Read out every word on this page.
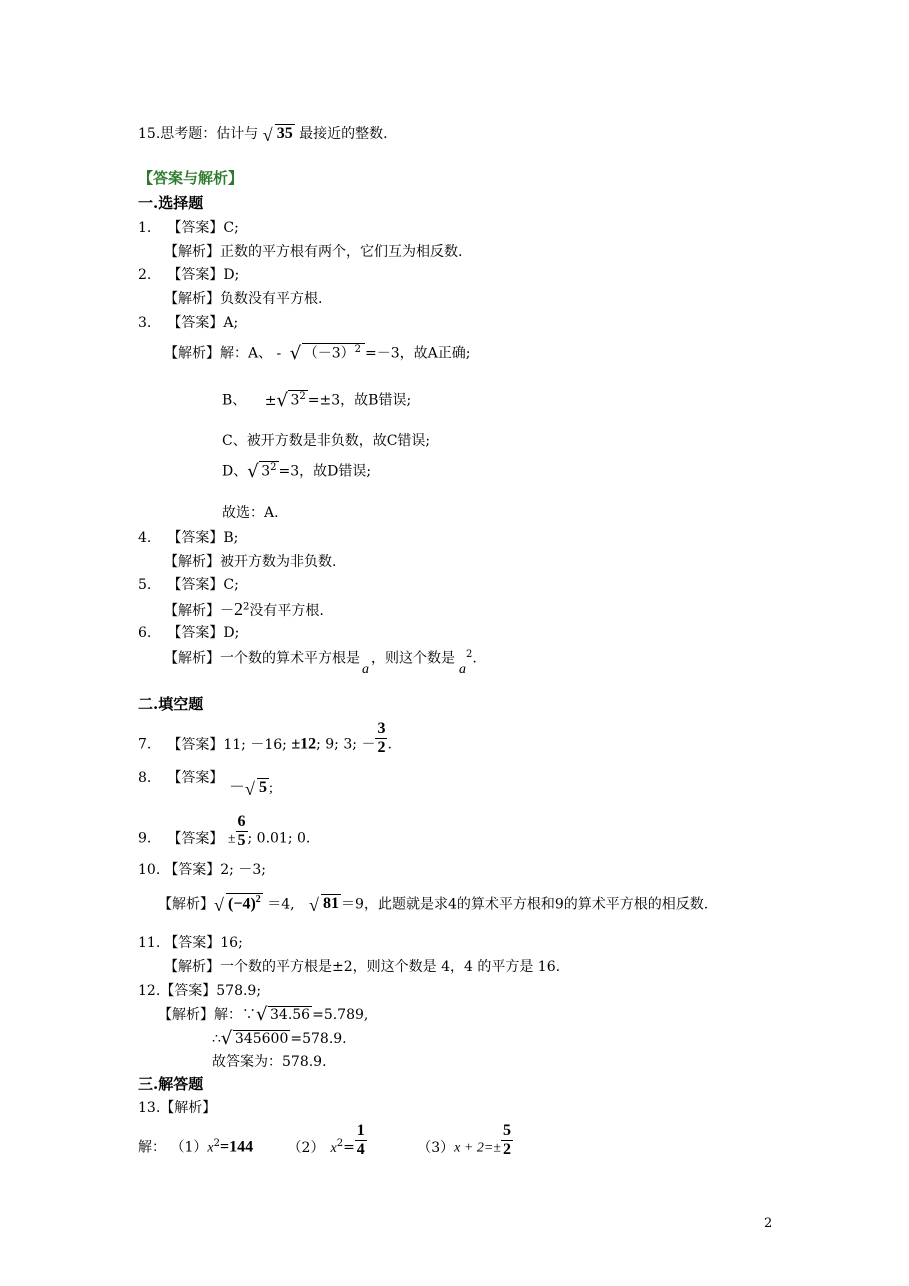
15.思考题：估计与 √ 35 最接近的整数.
【答案与解析】
一.选择题
1. 【答案】C;
【解析】正数的平方根有两个，它们互为相反数.
2. 【答案】D;
【解析】负数没有平方根.
3. 【答案】A;
【解析】解：A、 - √ $(-3)^2 =-3$，故A正确;
B、 ± √ $3^2 =\pm 3$，故B错误;
C、被开方数是非负数，故C错误;
D、 √ $3^2 =3$，故D错误;
故选：A.
4. 【答案】B;
【解析】被开方数为非负数.
5. 【答案】C;
【解析】$-2^2$没有平方根.
6. 【答案】D;
【解析】一个数的算术平方根是a，则这个数是$a^2$.
二.填空题
7. 【答案】11; －16; ±12; 9; 3; － $\frac{3}{2}$ .
8. 【答案】
－ √ 5 ;
9. 【答案】 ± $\frac{6}{5}$ ; 0.01; 0.
10. 【答案】2; －3;
【解析】 √ $(-4)^2 =4$, √ 81 ＝9，此题就是求4的算术平方根和9的算术平方根的相反数.
11. 【答案】16;
【解析】一个数的平方根是±2，则这个数是 4，4 的平方是 16.
12.【答案】578.9;
【解析】解：∵ √ 34.56 =5.789,
∴ √ 345600 =578.9.
故答案为：578.9.
三.解答题
13.【解析】
解： $(1)x^2=144$ （2） $x^2= \frac{1}{4}$	$(3)x + 2=\pm \frac{5}{2}$
2
